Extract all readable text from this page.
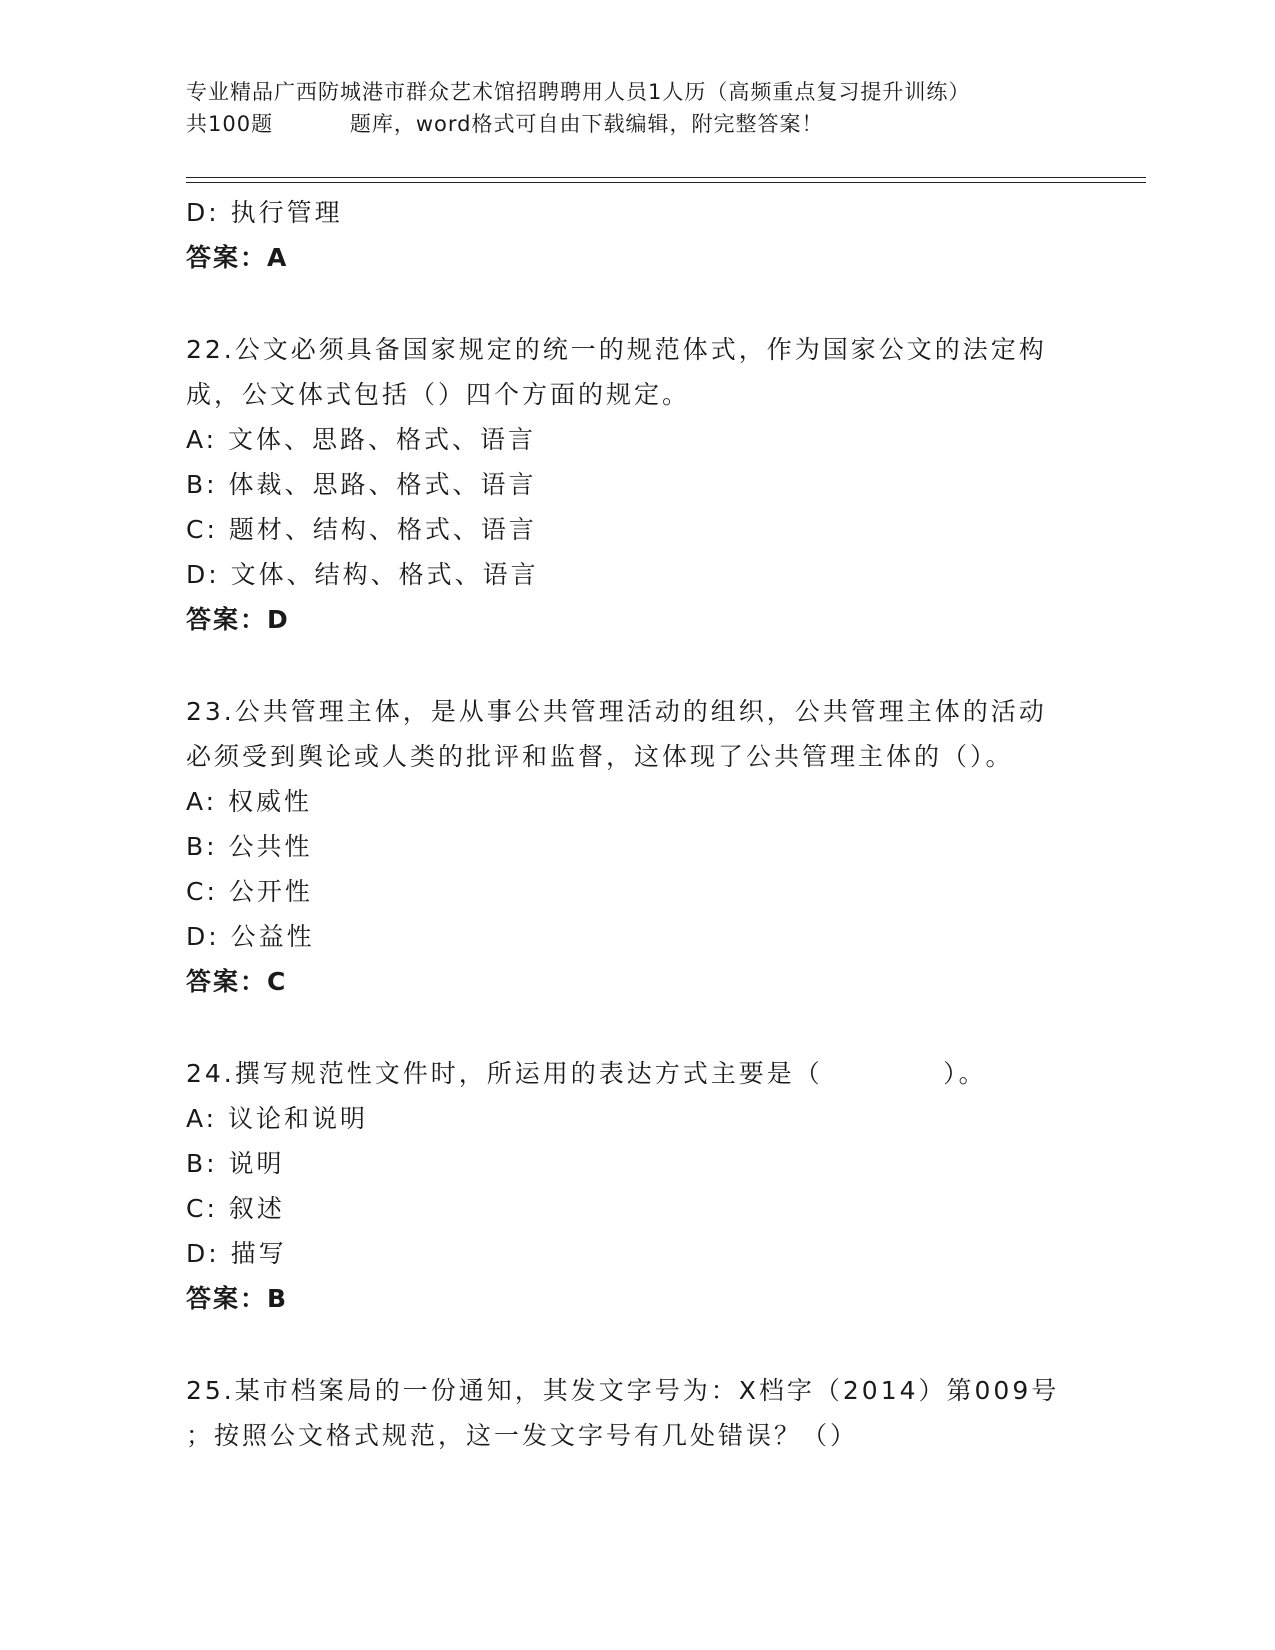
专业精品广西防城港市群众艺术馆招聘聘用人员1人历（高频重点复习提升训练）
共100题          题库，word格式可自由下载编辑，附完整答案！
D: 执行管理
答案：A
22.公文必须具备国家规定的统一的规范体式，作为国家公文的法定构
成，公文体式包括（）四个方面的规定。
A: 文体、思路、格式、语言
B: 体裁、思路、格式、语言
C: 题材、结构、格式、语言
D: 文体、结构、格式、语言
答案：D
23.公共管理主体，是从事公共管理活动的组织，公共管理主体的活动
必须受到舆论或人类的批评和监督，这体现了公共管理主体的（）。
A: 权威性
B: 公共性
C: 公开性
D: 公益性
答案：C
24.撰写规范性文件时，所运用的表达方式主要是（           ）。
A: 议论和说明
B: 说明
C: 叙述
D: 描写
答案：B
25.某市档案局的一份通知，其发文字号为：X档字（2014）第009号
；按照公文格式规范，这一发文字号有几处错误？（）
